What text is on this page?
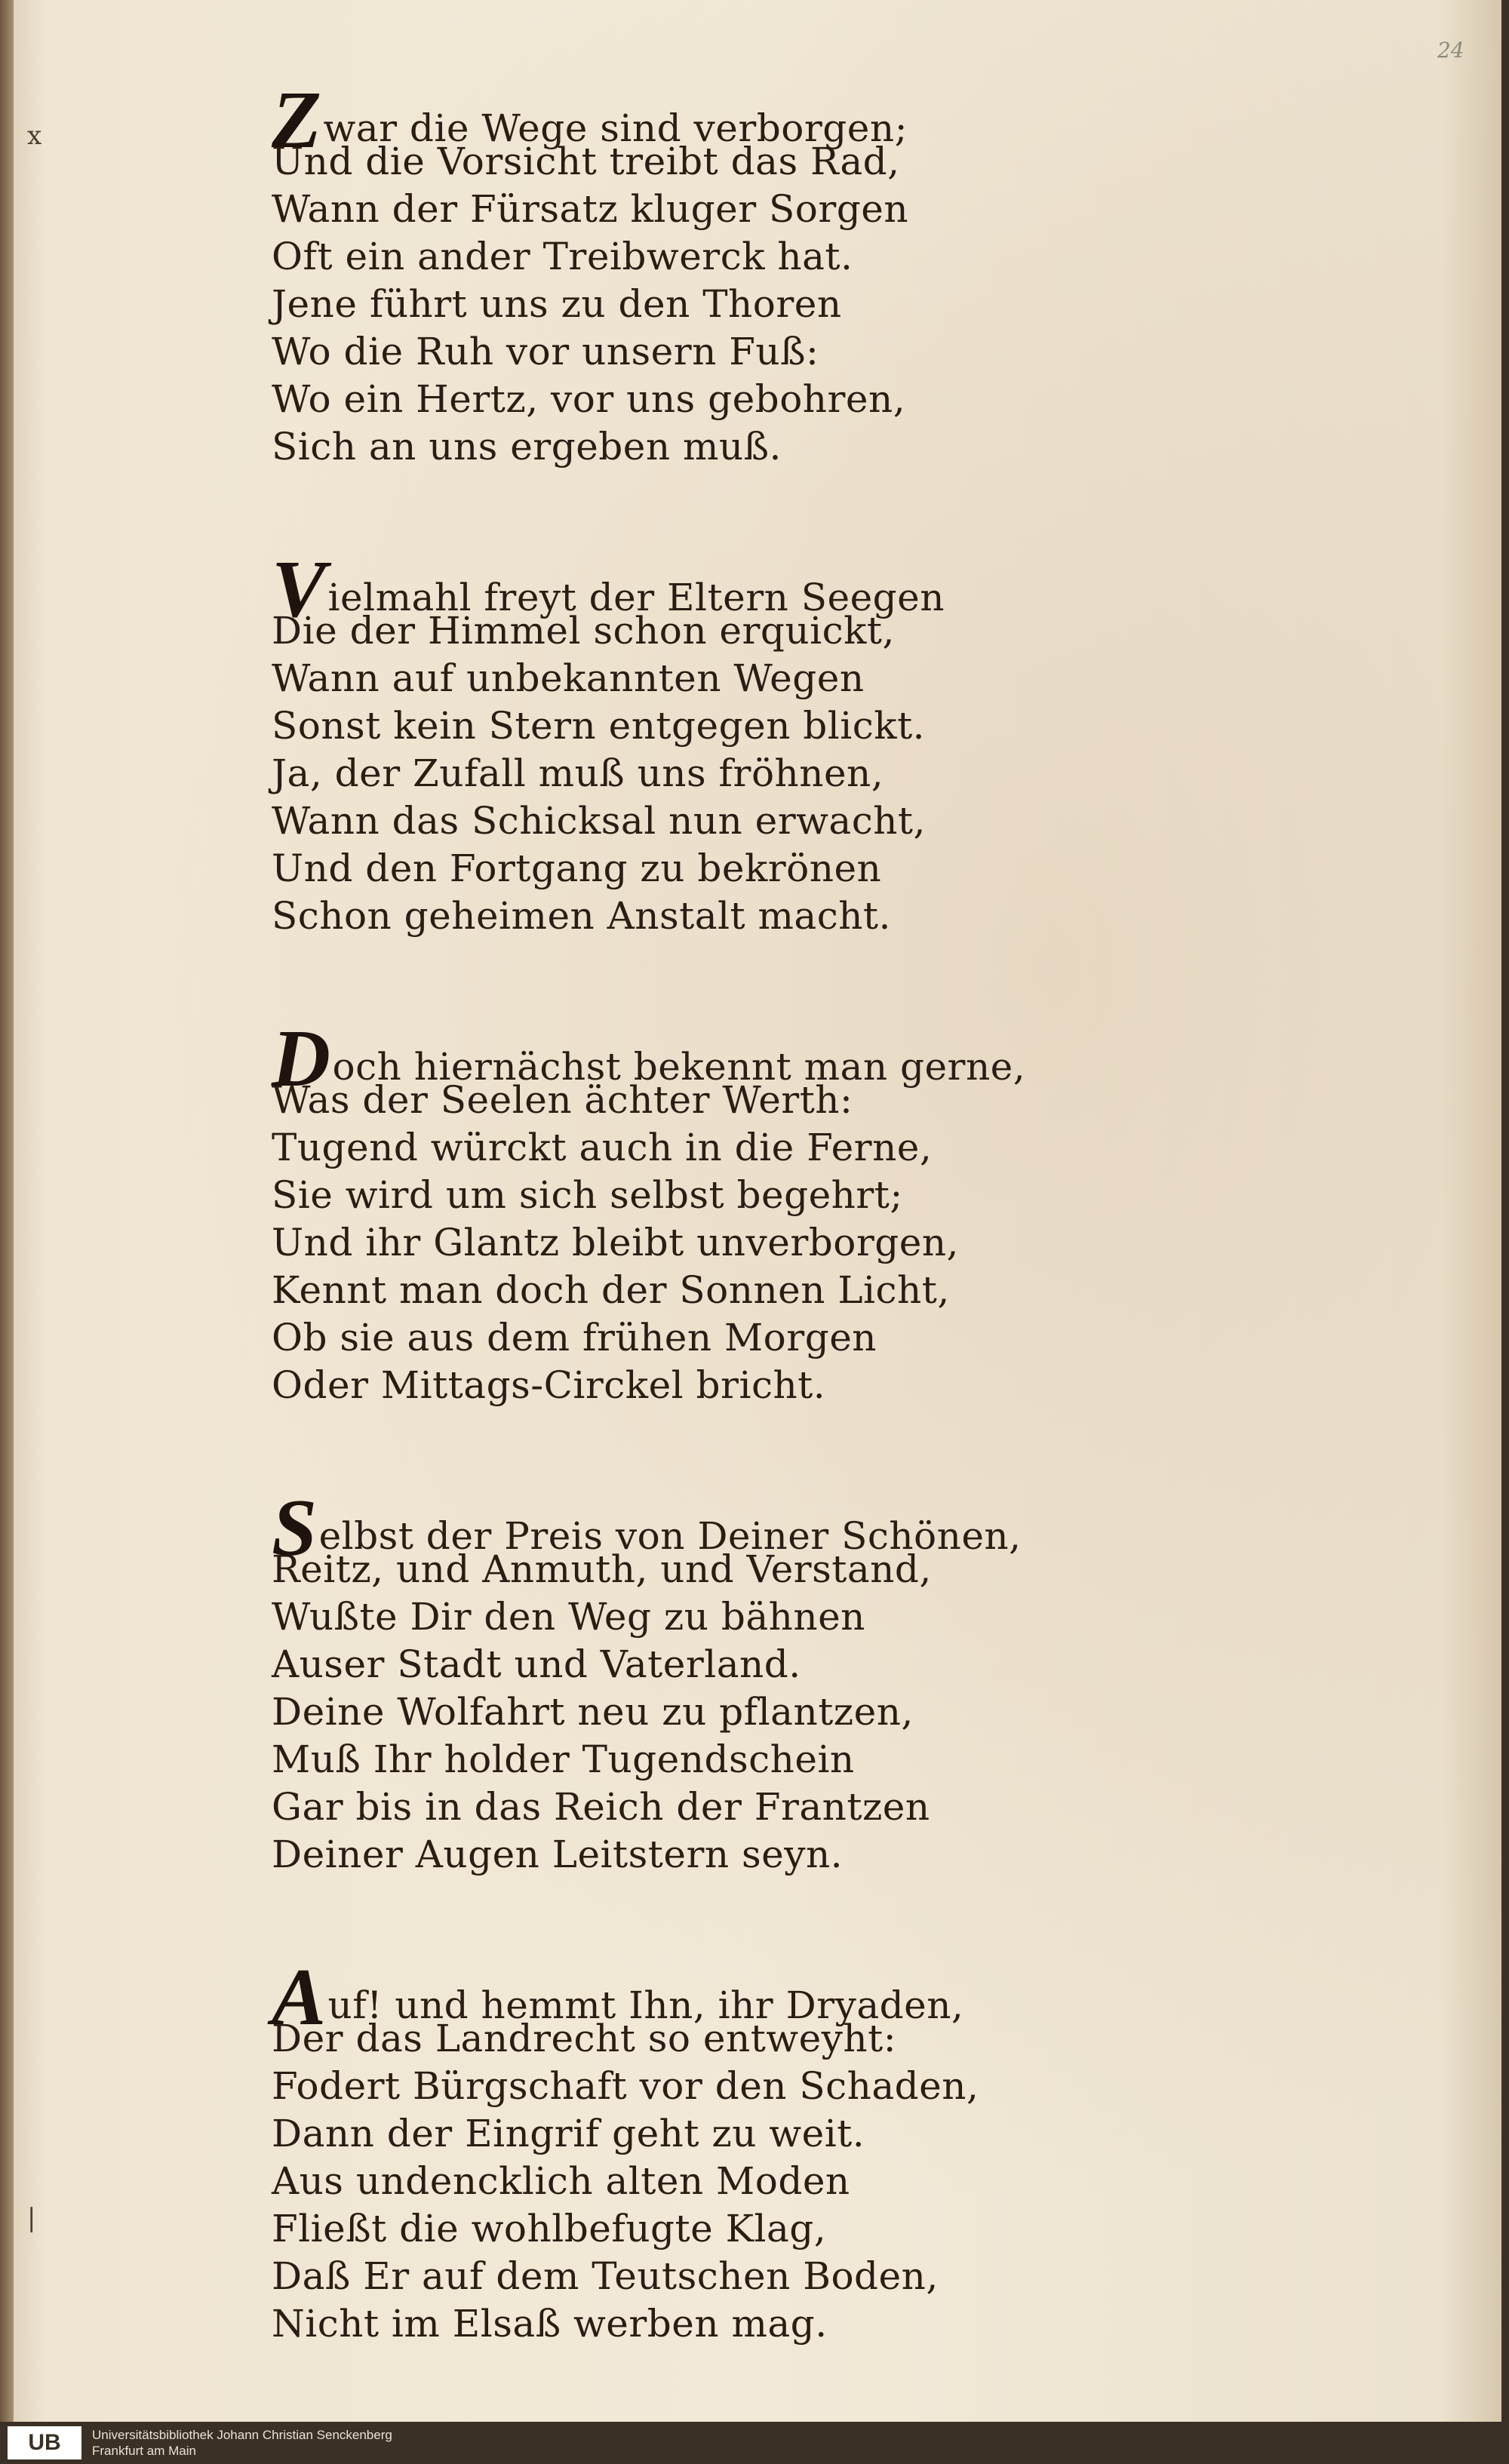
24
x
|
Zwar die Wege sind verborgen;
Und die Vorsicht treibt das Rad,
Wann der Fürsatz kluger Sorgen
Oft ein ander Treibwerck hat.
Jene führt uns zu den Thoren
Wo die Ruh vor unsern Fuß:
Wo ein Hertz, vor uns gebohren,
Sich an uns ergeben muß.
Vielmahl freyt der Eltern Seegen
Die der Himmel schon erquickt,
Wann auf unbekannten Wegen
Sonst kein Stern entgegen blickt.
Ja, der Zufall muß uns fröhnen,
Wann das Schicksal nun erwacht,
Und den Fortgang zu bekrönen
Schon geheimen Anstalt macht.
Doch hiernächst bekennt man gerne,
Was der Seelen ächter Werth:
Tugend würckt auch in die Ferne,
Sie wird um sich selbst begehrt;
Und ihr Glantz bleibt unverborgen,
Kennt man doch der Sonnen Licht,
Ob sie aus dem frühen Morgen
Oder Mittags-Circkel bricht.
Selbst der Preis von Deiner Schönen,
Reitz, und Anmuth, und Verstand,
Wußte Dir den Weg zu bähnen
Auser Stadt und Vaterland.
Deine Wolfahrt neu zu pflantzen,
Muß Ihr holder Tugendschein
Gar bis in das Reich der Frantzen
Deiner Augen Leitstern seyn.
Auf! und hemmt Ihn, ihr Dryaden,
Der das Landrecht so entweyht:
Fodert Bürgschaft vor den Schaden,
Dann der Eingrif geht zu weit.
Aus undencklich alten Moden
Fließt die wohlbefugte Klag,
Daß Er auf dem Teutschen Boden,
Nicht im Elsaß werben mag.
UB	Universitätsbibliothek Johann Christian Senckenberg
Frankfurt am Main
